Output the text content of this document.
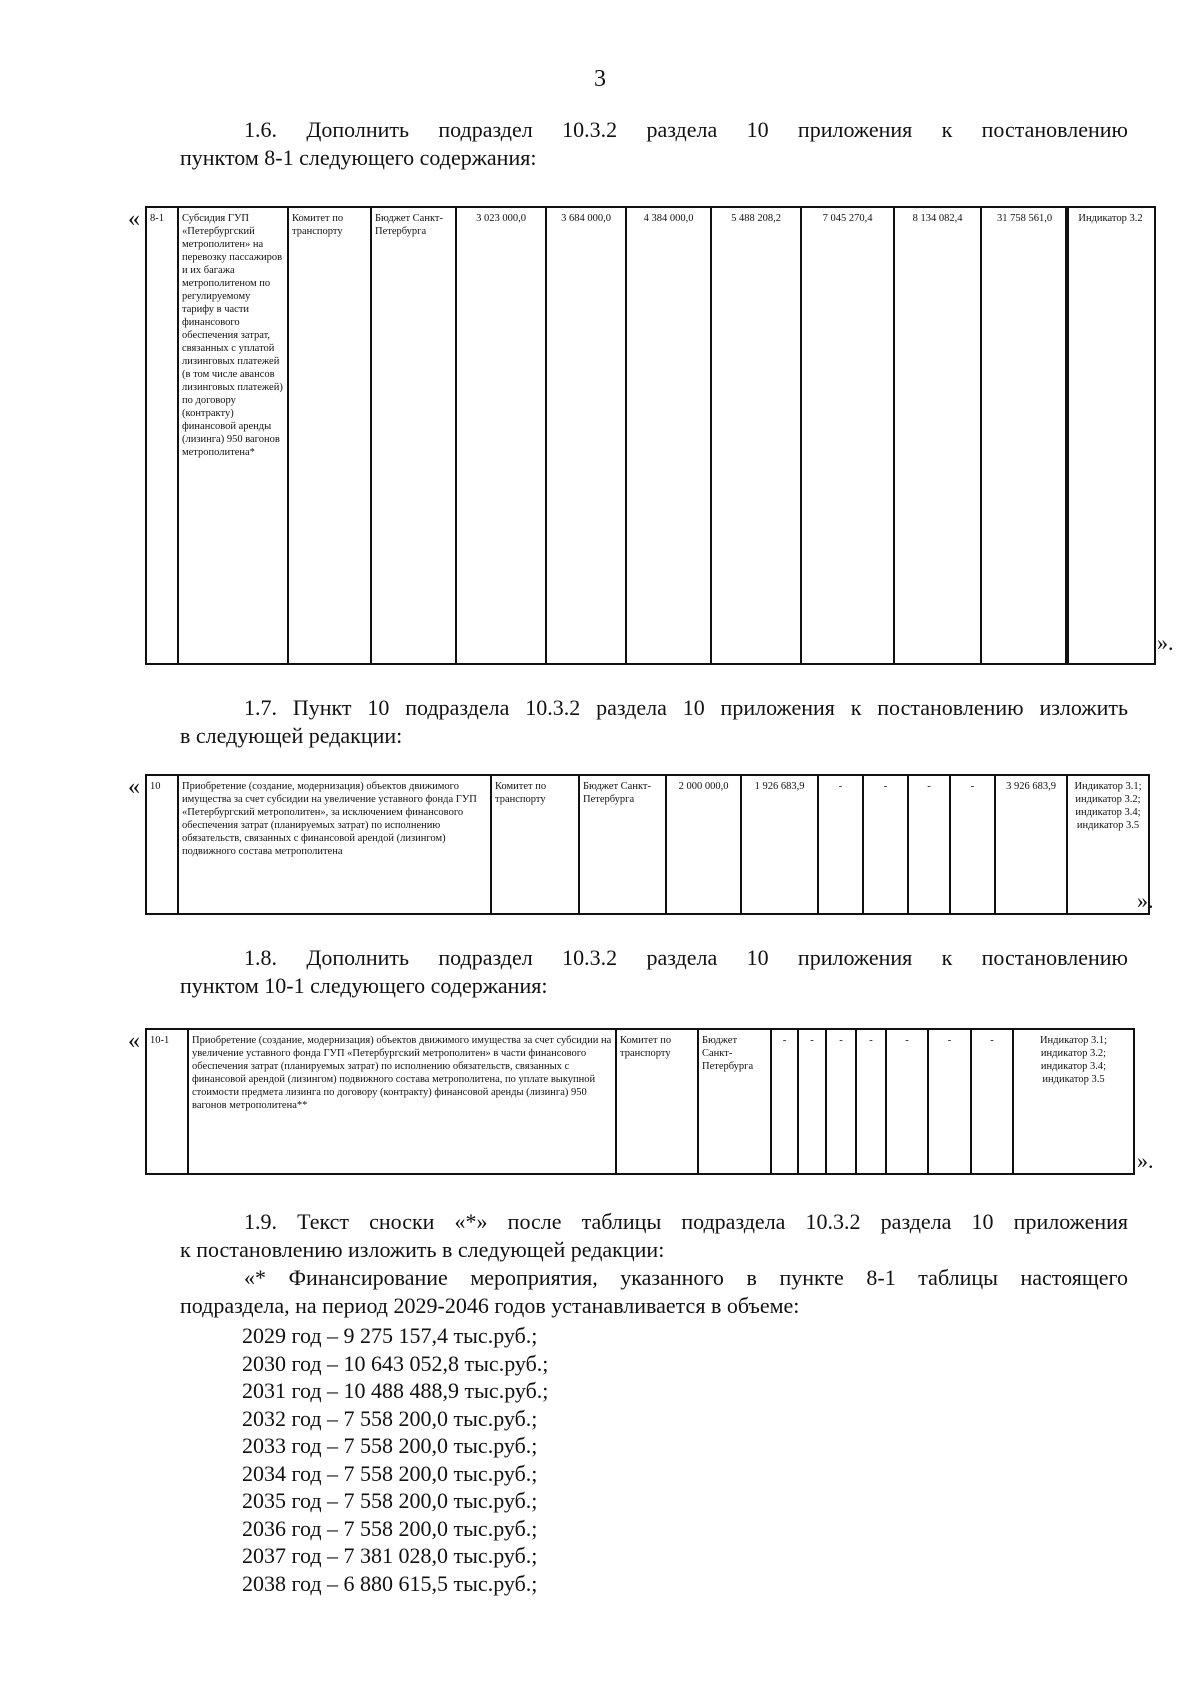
3
1.6. Дополнить подраздел 10.3.2 раздела 10 приложения к постановлению
пунктом 8-1 следующего содержания:
« 8-1	Субсидия ГУП «Петербургский метрополитен» на перевозку пассажиров и их багажа метрополитеном по регулируемому тарифу в части финансового обеспечения затрат, связанных с уплатой лизинговых платежей (в том числе авансов лизинговых платежей) по договору (контракту) финансовой аренды (лизинга) 950 вагонов метрополитена*	Комитет по транспорту	Бюджет Санкт-Петербурга	3 023 000,0	3 684 000,0	4 384 000,0	5 488 208,2	7 045 270,4	8 134 082,4	31 758 561,0	Индикатор 3.2
».
1.7. Пункт 10 подраздела 10.3.2 раздела 10 приложения к постановлению изложить
в следующей редакции:
« 10	Приобретение (создание, модернизация) объектов движимого имущества за счет субсидии на увеличение уставного фонда ГУП «Петербургский метрополитен», за исключением финансового обеспечения затрат (планируемых затрат) по исполнению обязательств, связанных с финансовой арендой (лизингом) подвижного состава метрополитена	Комитет по транспорту	Бюджет Санкт-Петербурга	2 000 000,0	1 926 683,9	-	-	-	-	3 926 683,9	Индикатор 3.1; индикатор 3.2; индикатор 3.4; индикатор 3.5
».
1.8. Дополнить подраздел 10.3.2 раздела 10 приложения к постановлению
пунктом 10-1 следующего содержания:
« 10-1	Приобретение (создание, модернизация) объектов движимого имущества за счет субсидии на увеличение уставного фонда ГУП «Петербургский метрополитен» в части финансового обеспечения затрат (планируемых затрат) по исполнению обязательств, связанных с финансовой арендой (лизингом) подвижного состава метрополитена, по уплате выкупной стоимости предмета лизинга по договору (контракту) финансовой аренды (лизинга) 950 вагонов метрополитена**	Комитет по транспорту	Бюджет Санкт-Петербурга	-	-	-	-	-	-	-	Индикатор 3.1; индикатор 3.2; индикатор 3.4; индикатор 3.5
».
1.9. Текст сноски «*» после таблицы подраздела 10.3.2 раздела 10 приложения
к постановлению изложить в следующей редакции:
«* Финансирование мероприятия, указанного в пункте 8-1 таблицы настоящего
подраздела, на период 2029-2046 годов устанавливается в объеме:
2029 год – 9 275 157,4 тыс.руб.;
2030 год – 10 643 052,8 тыс.руб.;
2031 год – 10 488 488,9 тыс.руб.;
2032 год – 7 558 200,0 тыс.руб.;
2033 год – 7 558 200,0 тыс.руб.;
2034 год – 7 558 200,0 тыс.руб.;
2035 год – 7 558 200,0 тыс.руб.;
2036 год – 7 558 200,0 тыс.руб.;
2037 год – 7 381 028,0 тыс.руб.;
2038 год – 6 880 615,5 тыс.руб.;
